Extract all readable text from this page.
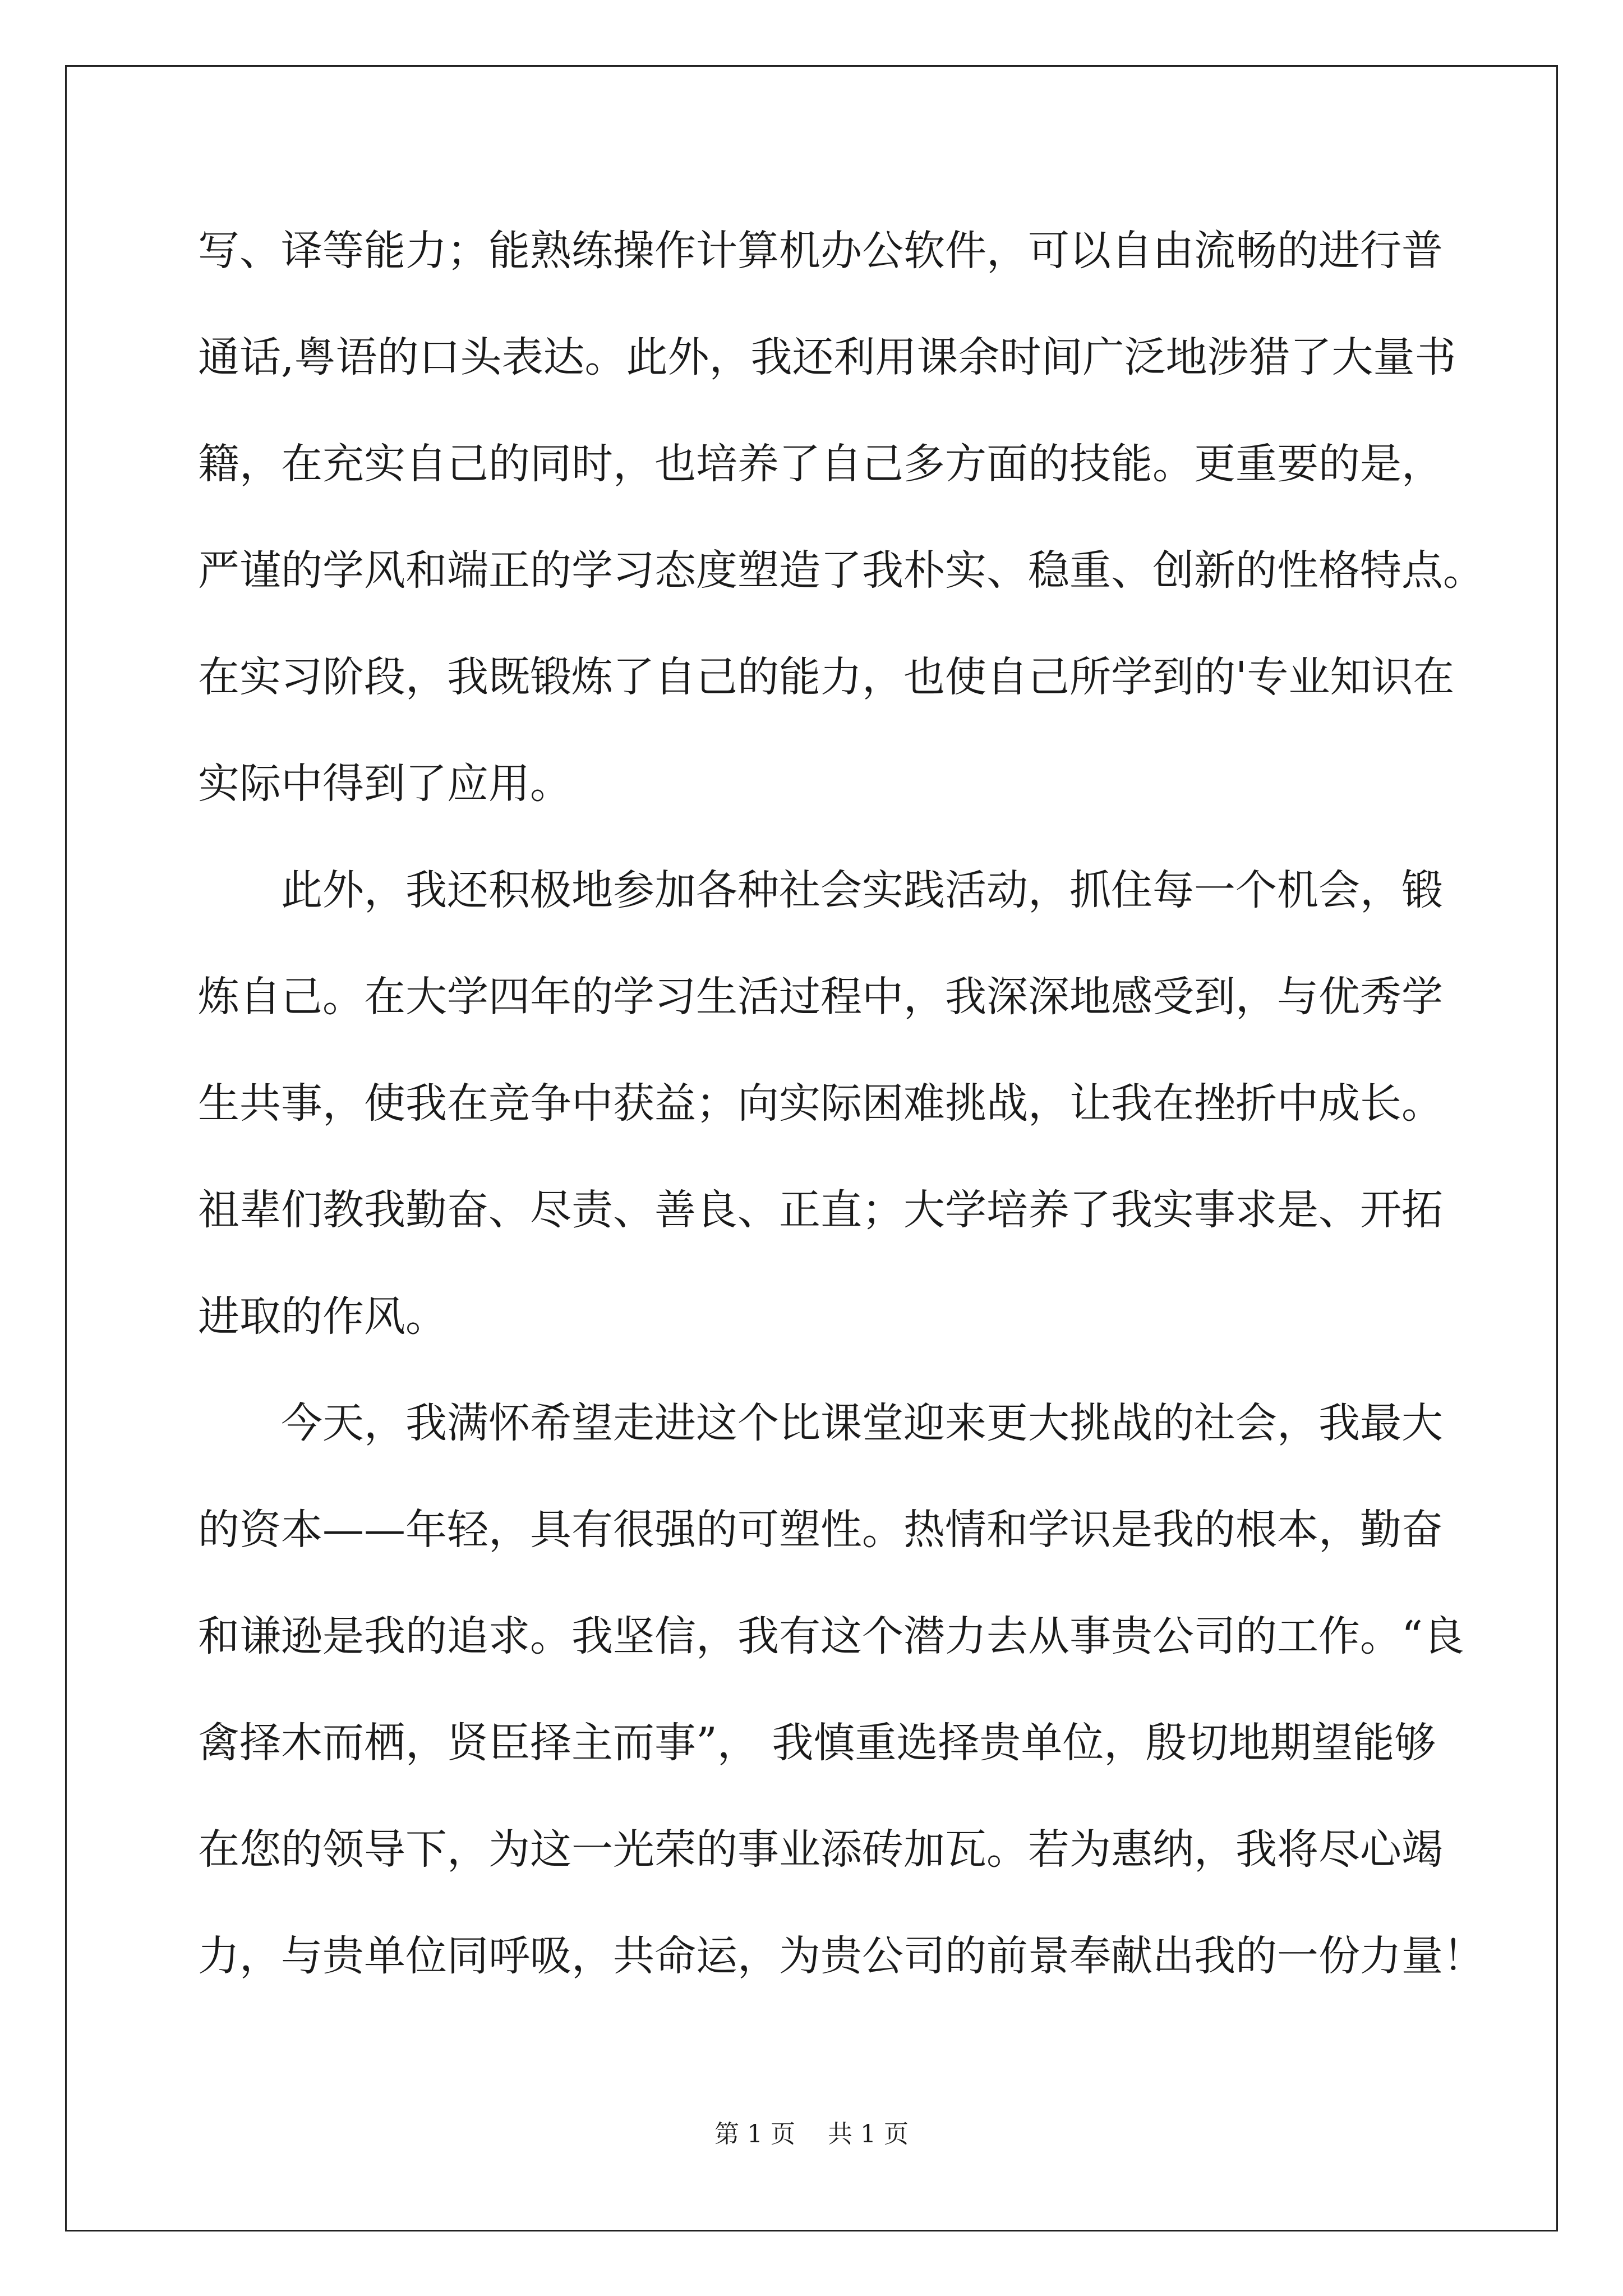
写、译等能力；能熟练操作计算机办公软件，可以自由流畅的进行普
通话,粤语的口头表达。此外，我还利用课余时间广泛地涉猎了大量书
籍，在充实自己的同时，也培养了自己多方面的技能。更重要的是，
严谨的学风和端正的学习态度塑造了我朴实、稳重、创新的性格特点。
在实习阶段，我既锻炼了自己的能力，也使自己所学到的'专业知识在
实际中得到了应用。
　　此外，我还积极地参加各种社会实践活动，抓住每一个机会，锻
炼自己。在大学四年的学习生活过程中，我深深地感受到，与优秀学
生共事，使我在竞争中获益；向实际困难挑战，让我在挫折中成长。
祖辈们教我勤奋、尽责、善良、正直；大学培养了我实事求是、开拓
进取的作风。
　　今天，我满怀希望走进这个比课堂迎来更大挑战的社会，我最大
的资本——年轻，具有很强的可塑性。热情和学识是我的根本，勤奋
和谦逊是我的追求。我坚信，我有这个潜力去从事贵公司的工作。“良
禽择木而栖，贤臣择主而事”， 我慎重选择贵单位，殷切地期望能够
在您的领导下，为这一光荣的事业添砖加瓦。若为惠纳，我将尽心竭
力，与贵单位同呼吸，共命运，为贵公司的前景奉献出我的一份力量！
第 1 页　 共 1 页
